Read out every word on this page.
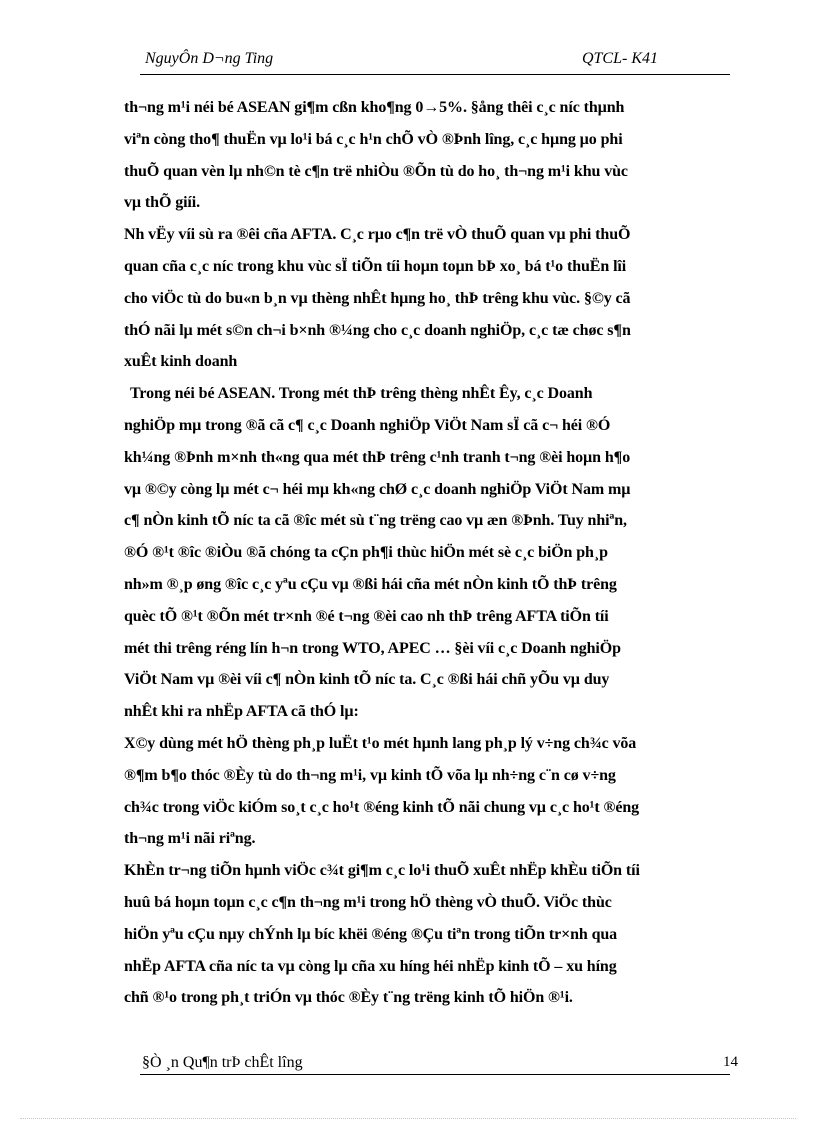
NguyÔn D¬ng Ting	QTCL- K41
th¬ng m¹i néi bé ASEAN gi¶m cßn kho¶ng 0→5%. §ång thêi c¸c níc thµnh
viªn còng tho¶ thuËn vµ lo¹i bá c¸c h¹n chÕ vÒ ®Þnh lîng, c¸c hµng µo phi
thuÕ quan vèn lµ nh©n tè c¶n trë nhiÒu ®Õn tù do ho¸ th¬ng m¹i khu vùc
vµ thÕ giíi.
Nh vËy víi sù ra ®êi cña AFTA. C¸c rµo c¶n trë vÒ thuÕ quan vµ phi thuÕ
quan cña c¸c níc trong khu vùc sÏ tiÕn tíi hoµn toµn bÞ xo¸ bá t¹o thuËn lîi
cho viÖc tù do bu«n b¸n vµ thèng nhÊt hµng ho¸ thÞ trêng khu vùc. §©y cã
thÓ nãi lµ mét s©n ch¬i b×nh ®¼ng cho c¸c doanh nghiÖp, c¸c tæ chøc s¶n
xuÊt kinh doanh
Trong néi bé ASEAN. Trong mét thÞ trêng thèng nhÊt Êy, c¸c Doanh
nghiÖp mµ trong ®ã cã c¶ c¸c Doanh nghiÖp ViÖt Nam sÏ cã c¬ héi ®Ó
kh¼ng ®Þnh m×nh th«ng qua mét thÞ trêng c¹nh tranh t¬ng ®èi hoµn h¶o
vµ ®©y còng lµ mét c¬ héi mµ kh«ng chØ c¸c doanh nghiÖp ViÖt Nam mµ
c¶ nÒn kinh tÕ níc ta cã ®îc mét sù t¨ng trëng cao vµ æn ®Þnh. Tuy nhiªn,
®Ó ®¹t ®îc ®iÒu ®ã chóng ta cÇn ph¶i thùc hiÖn mét sè c¸c biÖn ph¸p
nh»m ®¸p øng ®îc c¸c yªu cÇu vµ ®ßi hái cña mét nÒn kinh tÕ thÞ trêng
quèc tÕ ®¹t ®Õn mét tr×nh ®é t¬ng ®èi cao nh thÞ trêng AFTA tiÕn tíi
mét thi trêng réng lín h¬n trong WTO, APEC … §èi víi c¸c Doanh nghiÖp
ViÖt Nam vµ ®èi víi c¶ nÒn kinh tÕ níc ta. C¸c ®ßi hái chñ yÕu vµ duy
nhÊt khi ra nhËp AFTA cã thÓ lµ:
X©y dùng mét hÖ thèng ph¸p luËt t¹o mét hµnh lang ph¸p lý v÷ng ch¾c võa
®¶m b¶o thóc ®Èy tù do th¬ng m¹i, vµ kinh tÕ võa lµ nh÷ng c¨n cø v÷ng
ch¾c trong viÖc kiÓm so¸t c¸c ho¹t ®éng kinh tÕ nãi chung vµ c¸c ho¹t ®éng
th¬ng m¹i nãi riªng.
KhÈn tr¬ng tiÕn hµnh viÖc c¾t gi¶m c¸c lo¹i thuÕ xuÊt nhËp khÈu tiÕn tíi
huû bá hoµn toµn c¸c c¶n th¬ng m¹i trong hÖ thèng vÒ thuÕ. ViÖc thùc
hiÖn yªu cÇu nµy chÝnh lµ bíc khëi ®éng ®Çu tiªn trong tiÕn tr×nh qua
nhËp AFTA cña níc ta vµ còng lµ cña xu híng héi nhËp kinh tÕ – xu híng
chñ ®¹o trong ph¸t triÓn vµ thóc ®Èy t¨ng trëng kinh tÕ hiÖn ®¹i.
§Ò ¸n Qu¶n trÞ chÊt lîng	14
